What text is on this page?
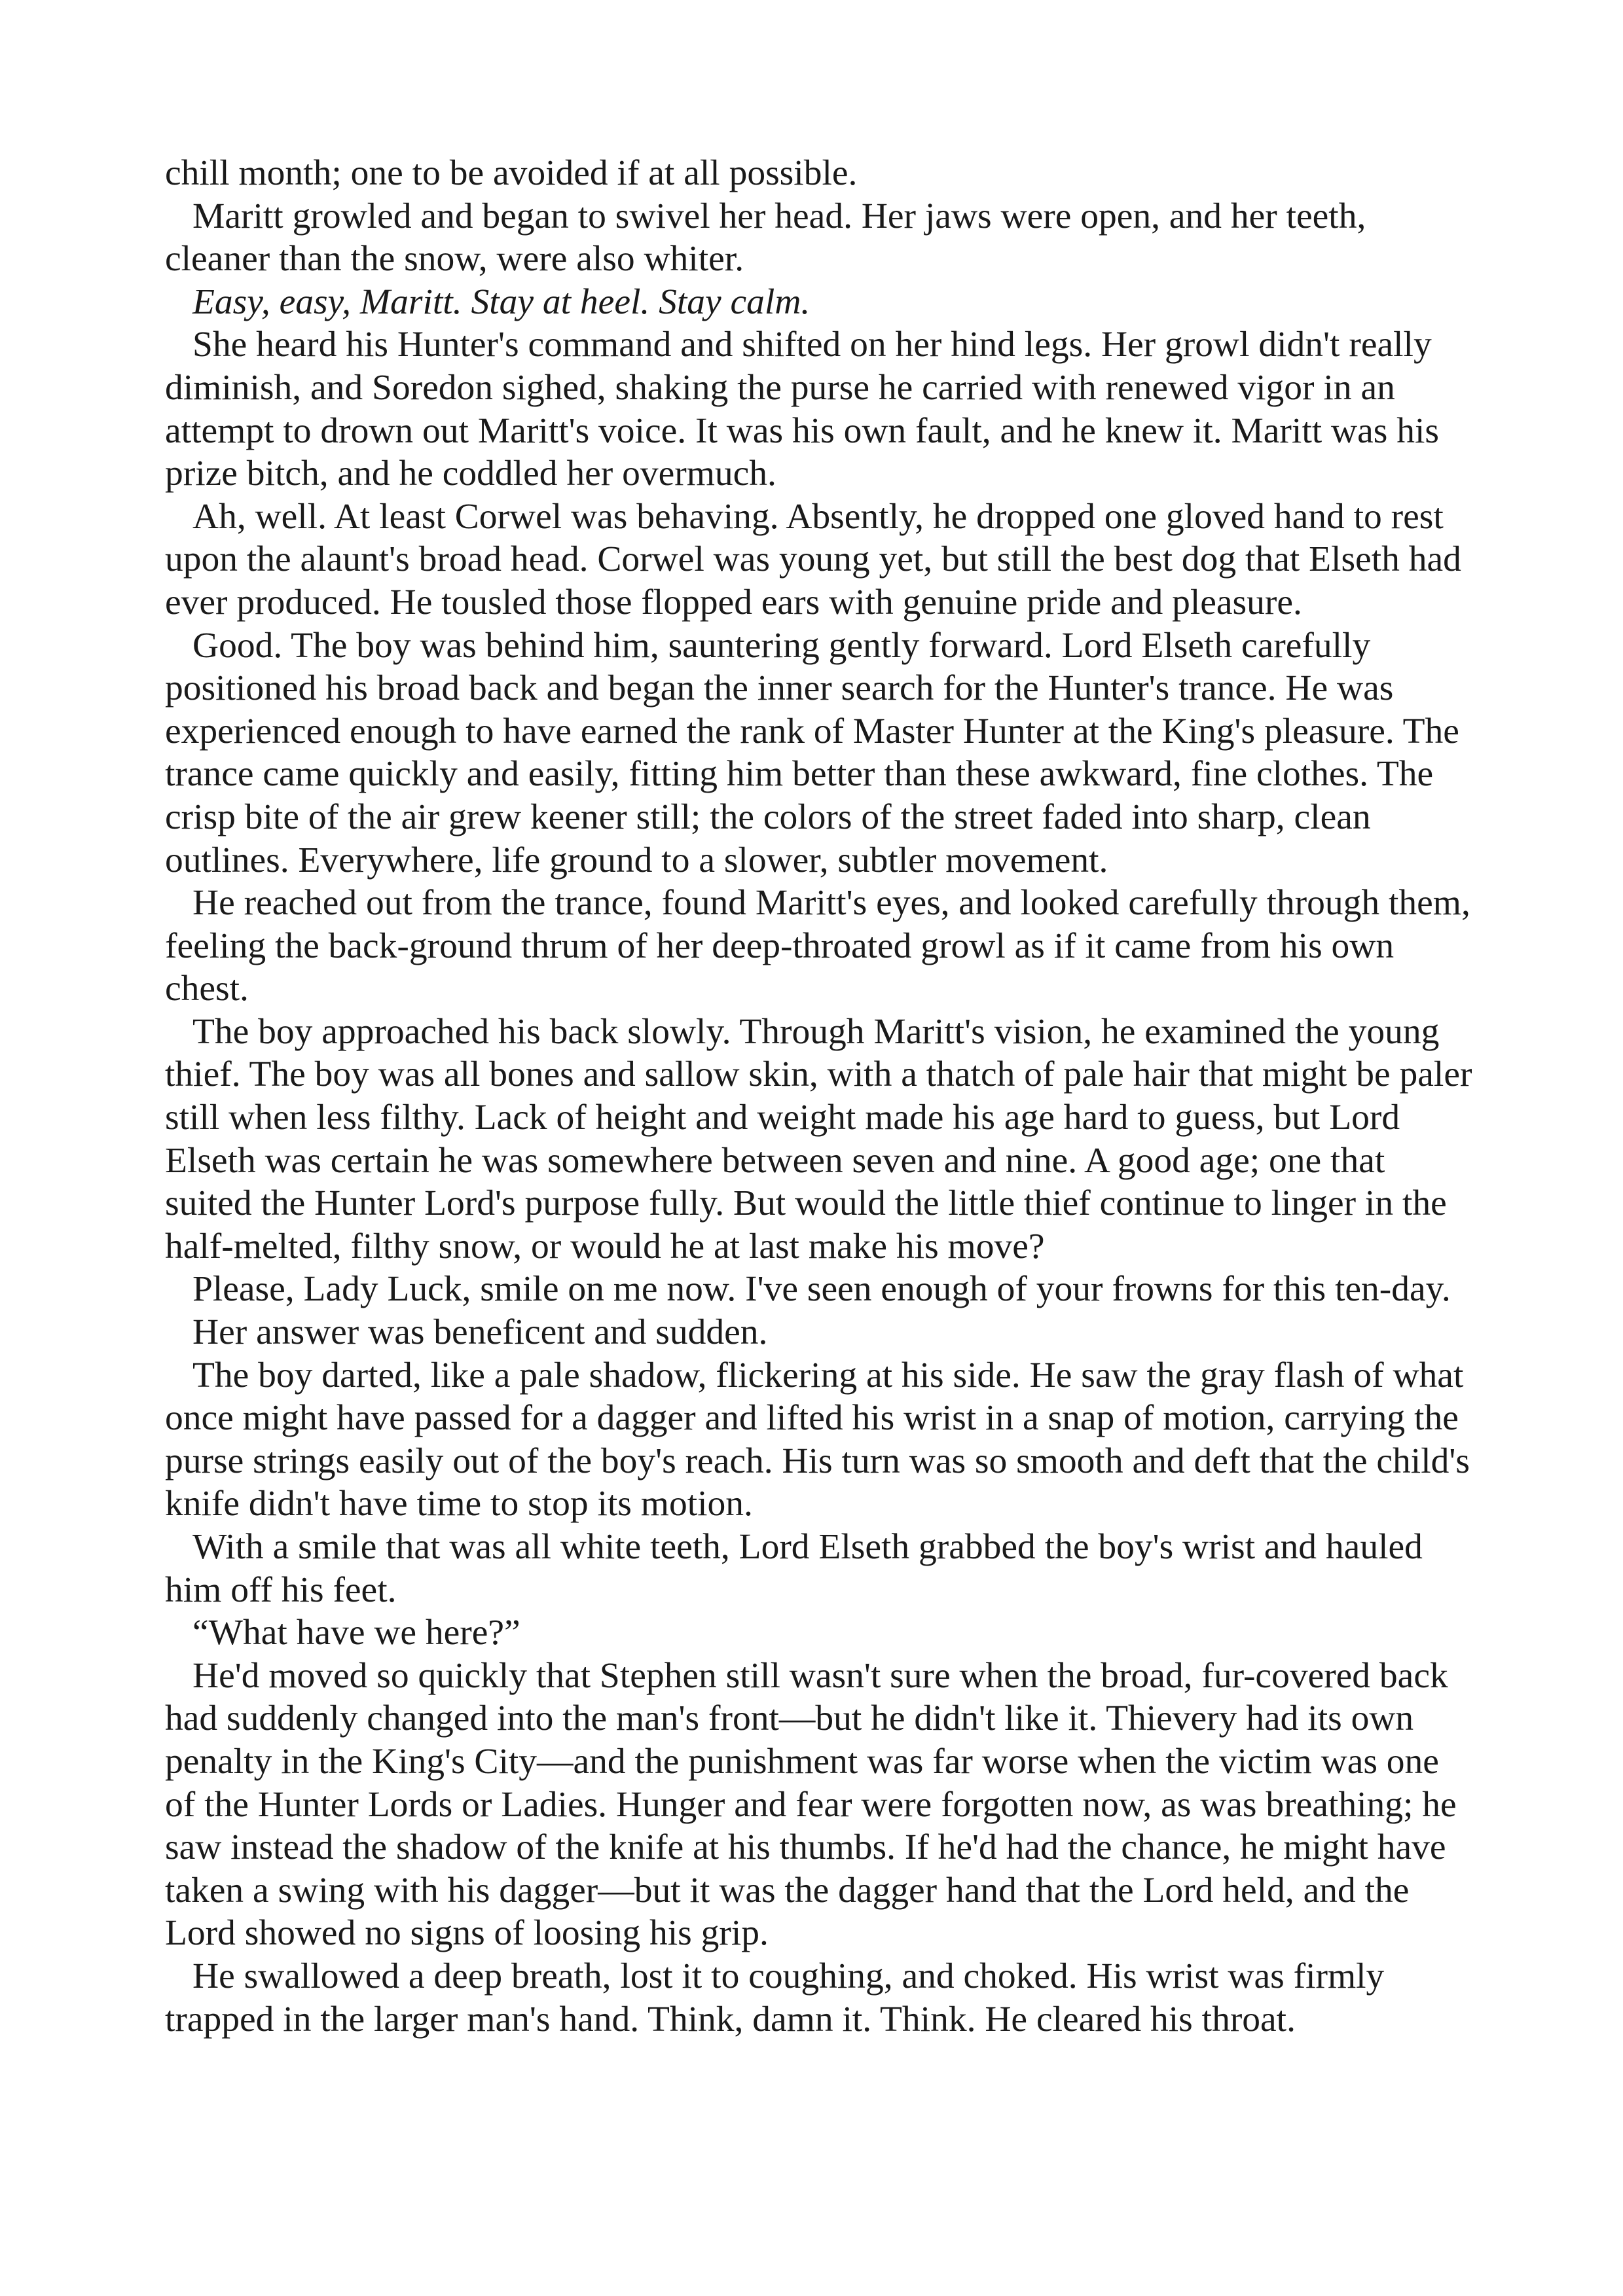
chill month; one to be avoided if at all possible.

Maritt growled and began to swivel her head. Her jaws were open, and her teeth, cleaner than the snow, were also whiter.

Easy, easy, Maritt. Stay at heel. Stay calm.

She heard his Hunter's command and shifted on her hind legs. Her growl didn't really diminish, and Soredon sighed, shaking the purse he carried with renewed vigor in an attempt to drown out Maritt's voice. It was his own fault, and he knew it. Maritt was his prize bitch, and he coddled her overmuch.

Ah, well. At least Corwel was behaving. Absently, he dropped one gloved hand to rest upon the alaunt's broad head. Corwel was young yet, but still the best dog that Elseth had ever produced. He tousled those flopped ears with genuine pride and pleasure.

Good. The boy was behind him, sauntering gently forward. Lord Elseth carefully positioned his broad back and began the inner search for the Hunter's trance. He was experienced enough to have earned the rank of Master Hunter at the King's pleasure. The trance came quickly and easily, fitting him better than these awkward, fine clothes. The crisp bite of the air grew keener still; the colors of the street faded into sharp, clean outlines. Everywhere, life ground to a slower, subtler movement.

He reached out from the trance, found Maritt's eyes, and looked carefully through them, feeling the back-ground thrum of her deep-throated growl as if it came from his own chest.

The boy approached his back slowly. Through Maritt's vision, he examined the young thief. The boy was all bones and sallow skin, with a thatch of pale hair that might be paler still when less filthy. Lack of height and weight made his age hard to guess, but Lord Elseth was certain he was somewhere between seven and nine. A good age; one that suited the Hunter Lord's purpose fully. But would the little thief continue to linger in the half-melted, filthy snow, or would he at last make his move?

Please, Lady Luck, smile on me now. I've seen enough of your frowns for this ten-day.

Her answer was beneficent and sudden.

The boy darted, like a pale shadow, flickering at his side. He saw the gray flash of what once might have passed for a dagger and lifted his wrist in a snap of motion, carrying the purse strings easily out of the boy's reach. His turn was so smooth and deft that the child's knife didn't have time to stop its motion.

With a smile that was all white teeth, Lord Elseth grabbed the boy's wrist and hauled him off his feet.

“What have we here?”

He'd moved so quickly that Stephen still wasn't sure when the broad, fur-covered back had suddenly changed into the man's front—but he didn't like it. Thievery had its own penalty in the King's City—and the punishment was far worse when the victim was one of the Hunter Lords or Ladies. Hunger and fear were forgotten now, as was breathing; he saw instead the shadow of the knife at his thumbs. If he'd had the chance, he might have taken a swing with his dagger—but it was the dagger hand that the Lord held, and the Lord showed no signs of loosing his grip.

He swallowed a deep breath, lost it to coughing, and choked. His wrist was firmly trapped in the larger man's hand. Think, damn it. Think. He cleared his throat.
